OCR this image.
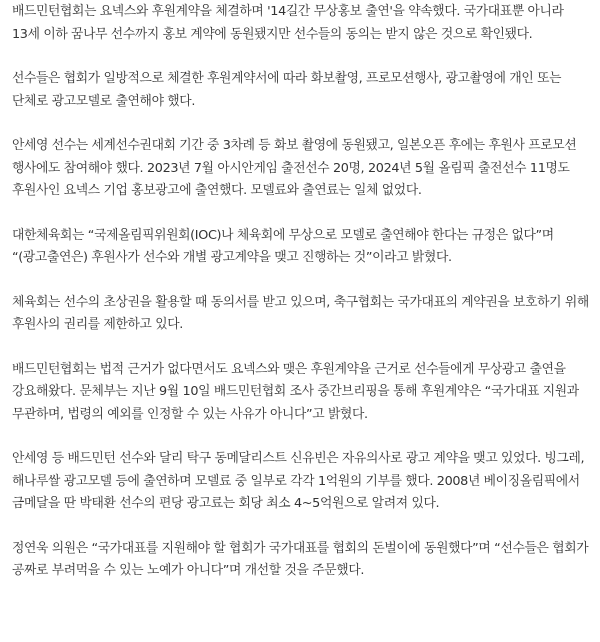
배드민턴협회는 요넥스와 후원계약을 체결하며 '14길간 무상홍보 출연'을 약속했다. 국가대표뿐 아니라 13세 이하 꿈나무 선수까지 홍보 계약에 동원됐지만 선수들의 동의는 받지 않은 것으로 확인됐다.

선수들은 협회가 일방적으로 체결한 후원계약서에 따라 화보촬영, 프로모션행사, 광고촬영에 개인 또는 단체로 광고모델로 출연해야 했다.

안세영 선수는 세계선수권대회 기간 중 3차례 등 화보 촬영에 동원됐고, 일본오픈 후에는 후원사 프로모션 행사에도 참여해야 했다. 2023년 7월 아시안게임 출전선수 20명, 2024년 5월 올림픽 출전선수 11명도 후원사인 요넥스 기업 홍보광고에 출연했다. 모델료와 출연료는 일체 없었다.

대한체육회는 “국제올림픽위원회(IOC)나 체육회에 무상으로 모델로 출연해야 한다는 규정은 없다”며 “(광고출연은) 후원사가 선수와 개별 광고계약을 맺고 진행하는 것”이라고 밝혔다.

체육회는 선수의 초상권을 활용할 때 동의서를 받고 있으며, 축구협회는 국가대표의 계약권을 보호하기 위해 후원사의 권리를 제한하고 있다.

배드민턴협회는 법적 근거가 없다면서도 요넥스와 맺은 후원계약을 근거로 선수들에게 무상광고 출연을 강요해왔다. 문체부는 지난 9월 10일 배드민턴협회 조사 중간브리핑을 통해 후원계약은 “국가대표 지원과 무관하며, 법령의 예외를 인정할 수 있는 사유가 아니다”고 밝혔다.

안세영 등 배드민턴 선수와 달리 탁구 동메달리스트 신유빈은 자유의사로 광고 계약을 맺고 있었다. 빙그레, 해나루쌀 광고모델 등에 출연하며 모델료 중 일부로 각각 1억원의 기부를 했다. 2008년 베이징올림픽에서 금메달을 딴 박태환 선수의 편당 광고료는 회당 최소 4~5억원으로 알려져 있다.

정연욱 의원은 “국가대표를 지원해야 할 협회가 국가대표를 협회의 돈벌이에 동원했다”며 “선수들은 협회가 공짜로 부려먹을 수 있는 노예가 아니다”며 개선할 것을 주문했다.
